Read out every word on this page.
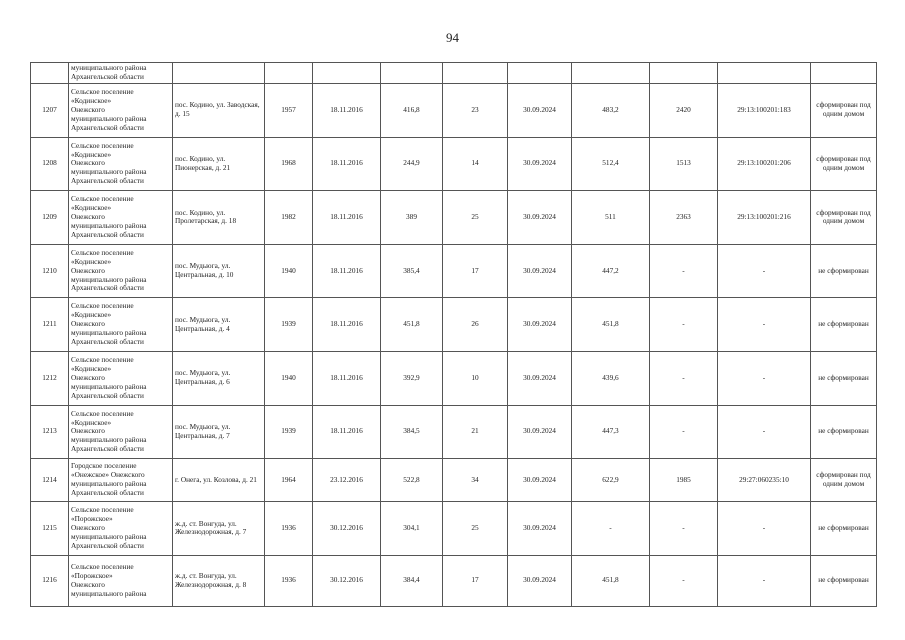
94

	муниципального района
Архангельской области										

1207	Сельское поселение
«Кодинское»
Онежского
муниципального района
Архангельской области	пос. Кодино, ул. Заводская, д. 15	1957	18.11.2016	416,8	23	30.09.2024	483,2	2420	29:13:100201:183	сформирован под одним домом
1208	Сельское поселение
«Кодинское»
Онежского
муниципального района
Архангельской области	пос. Кодино, ул. Пионерская, д. 21	1968	18.11.2016	244,9	14	30.09.2024	512,4	1513	29:13:100201:206	сформирован под одним домом
1209	Сельское поселение
«Кодинское»
Онежского
муниципального района
Архангельской области	пос. Кодино, ул. Пролетарская, д. 18	1982	18.11.2016	389	25	30.09.2024	511	2363	29:13:100201:216	сформирован под одним домом
1210	Сельское поселение
«Кодинское»
Онежского
муниципального района
Архангельской области	пос. Мудьюга, ул. Центральная, д. 10	1940	18.11.2016	385,4	17	30.09.2024	447,2	-	-	не сформирован
1211	Сельское поселение
«Кодинское»
Онежского
муниципального района
Архангельской области	пос. Мудьюга, ул. Центральная, д. 4	1939	18.11.2016	451,8	26	30.09.2024	451,8	-	-	не сформирован
1212	Сельское поселение
«Кодинское»
Онежского
муниципального района
Архангельской области	пос. Мудьюга, ул. Центральная, д. 6	1940	18.11.2016	392,9	10	30.09.2024	439,6	-	-	не сформирован
1213	Сельское поселение
«Кодинское»
Онежского
муниципального района
Архангельской области	пос. Мудьюга, ул. Центральная, д. 7	1939	18.11.2016	384,5	21	30.09.2024	447,3	-	-	не сформирован
1214	Городское поселение
«Онежское» Онежского
муниципального района
Архангельской области	г. Онега, ул. Козлова, д. 21	1964	23.12.2016	522,8	34	30.09.2024	622,9	1985	29:27:060235:10	сформирован под одним домом
1215	Сельское поселение
«Порожское»
Онежского
муниципального района
Архангельской области	ж.д. ст. Вонгуда, ул. Железнодорожная, д. 7	1936	30.12.2016	304,1	25	30.09.2024	-	-	-	не сформирован
1216	Сельское поселение
«Порожское»
Онежского
муниципального района	ж.д. ст. Вонгуда, ул. Железнодорожная, д. 8	1936	30.12.2016	384,4	17	30.09.2024	451,8	-	-	не сформирован
